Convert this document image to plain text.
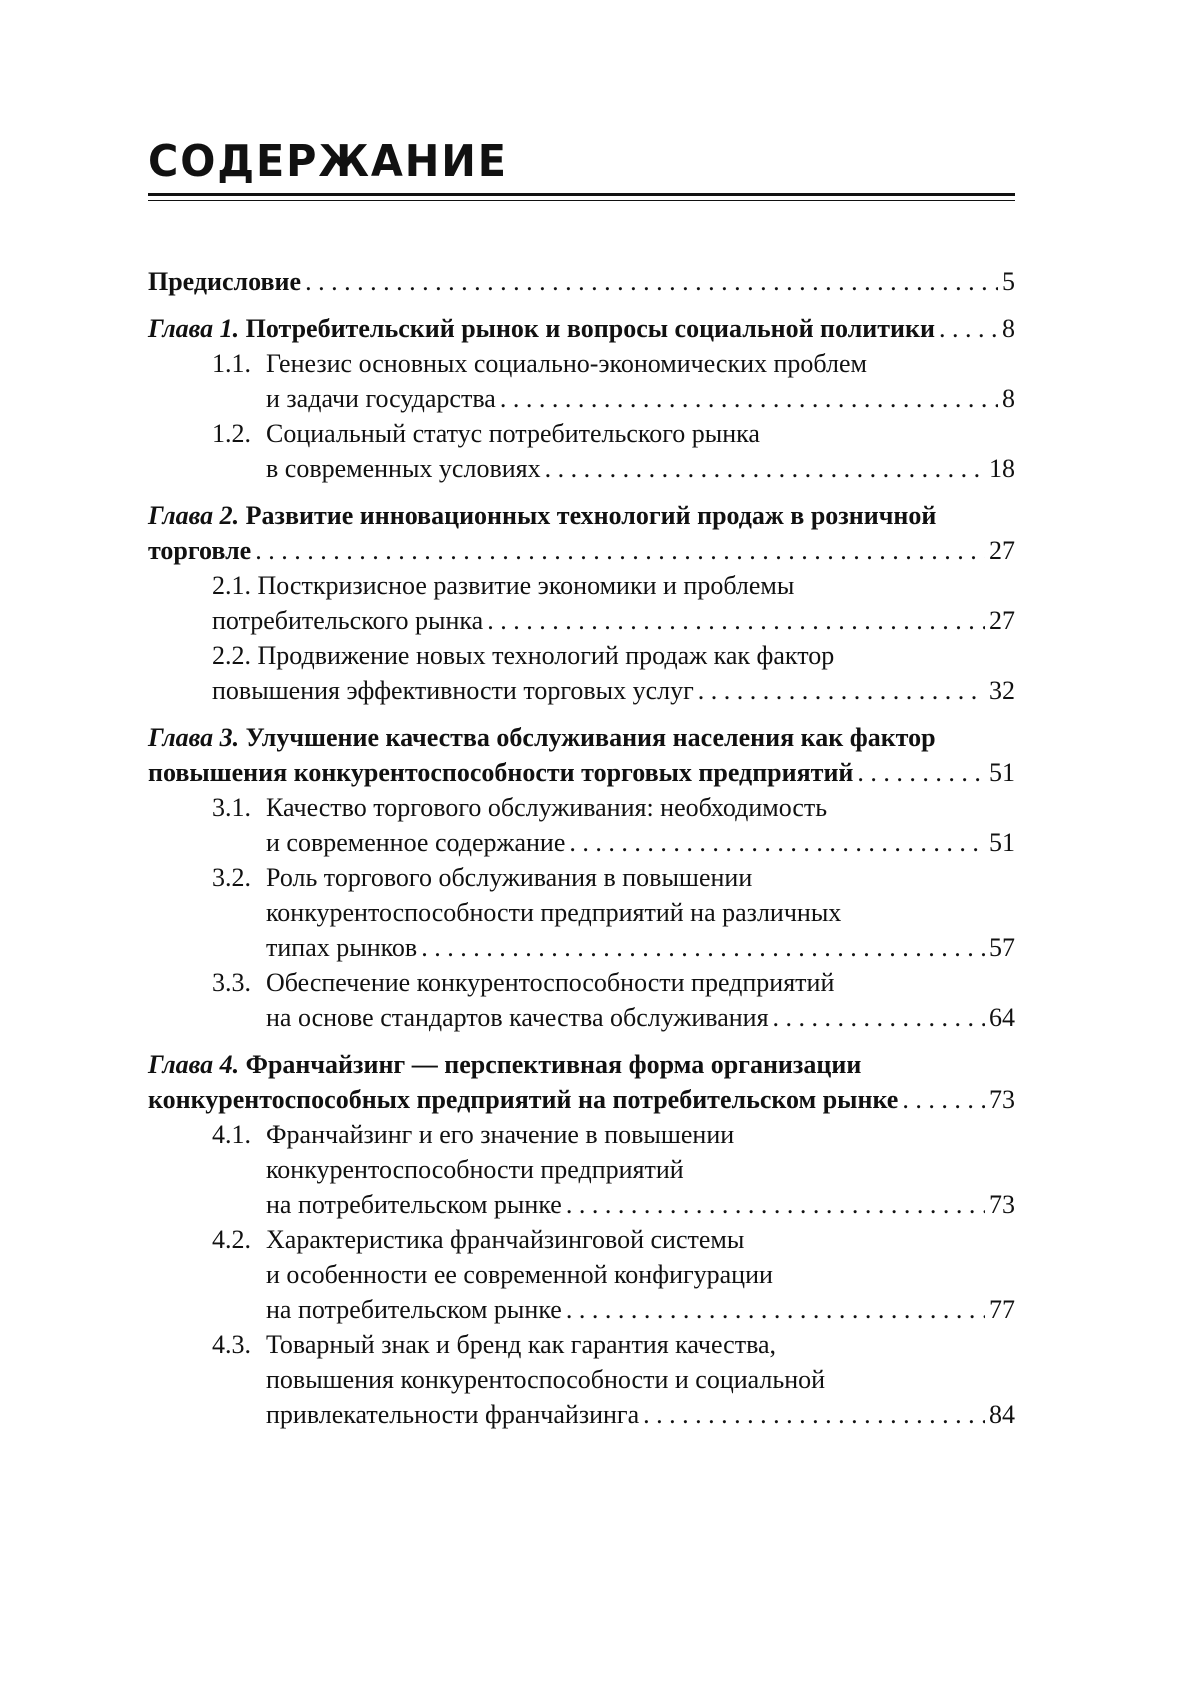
СОДЕРЖАНИЕ
Предисловие . . .	5
Глава 1. Потребительский рынок и вопросы социальной политики . . .	8
1.1. Генезис основных социально-экономических проблем
и задачи государства . . .	8
1.2. Социальный статус потребительского рынка
в современных условиях . . .	18
Глава 2. Развитие инновационных технологий продаж в розничной
торговле . . .	27
2.1. Посткризисное развитие экономики и проблемы
потребительского рынка . . .	27
2.2. Продвижение новых технологий продаж как фактор
повышения эффективности торговых услуг . . .	32
Глава 3. Улучшение качества обслуживания населения как фактор
повышения конкурентоспособности торговых предприятий . . .	51
3.1. Качество торгового обслуживания: необходимость
и современное содержание . . .	51
3.2. Роль торгового обслуживания в повышении
конкурентоспособности предприятий на различных
типах рынков . . .	57
3.3. Обеспечение конкурентоспособности предприятий
на основе стандартов качества обслуживания . . .	64
Глава 4. Франчайзинг — перспективная форма организации
конкурентоспособных предприятий на потребительском рынке . . .	73
4.1. Франчайзинг и его значение в повышении
конкурентоспособности предприятий
на потребительском рынке . . .	73
4.2. Характеристика франчайзинговой системы
и особенности ее современной конфигурации
на потребительском рынке . . .	77
4.3. Товарный знак и бренд как гарантия качества,
повышения конкурентоспособности и социальной
привлекательности франчайзинга . . .	84
